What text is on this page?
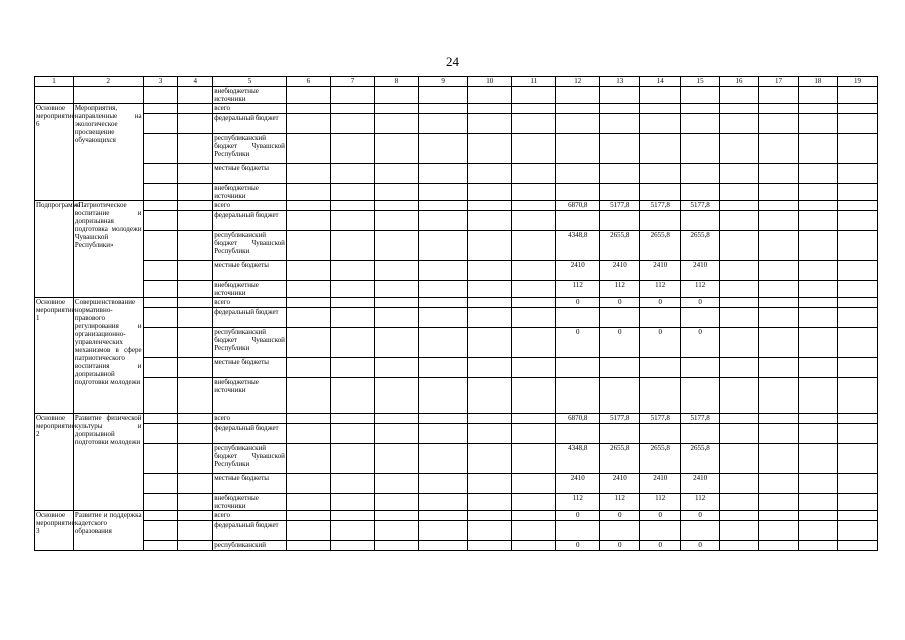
24
1	2	3	4	5	6	7	8	9	10	11	12	13	14	15	16	17	18	19
				внебюджетные источники														
Основное мероприятие 6	Мероприятия, направленные на экологическое просвещение обучающихся			всего														
				федеральный бюджет														
				республиканский бюджет Чувашской Республики														
				местные бюджеты														
				внебюджетные источники														
Подпрограмма	«Патриотическое воспитание и допризывная подготовка молодежи Чувашской Республики»			всего							6870,8	5177,8	5177,8	5177,8				
				федеральный бюджет														
				республиканский бюджет Чувашской Республики							4348,8	2655,8	2655,8	2655,8				
				местные бюджеты							2410	2410	2410	2410				
				внебюджетные источники							112	112	112	112				
Основное мероприятие 1	Совершенствование нормативно-правового регулирования и организационно-управленческих механизмов в сфере патриотического воспитания и допризывной подготовки молодежи			всего							0	0	0	0				
				федеральный бюджет														
				республиканский бюджет Чувашской Республики							0	0	0	0				
				местные бюджеты														
				внебюджетные источники														
Основное мероприятие 2	Развитие физической культуры и допризывной подготовки молодежи			всего							6870,8	5177,8	5177,8	5177,8				
				федеральный бюджет														
				республиканский бюджет Чувашской Республики							4348,8	2655,8	2655,8	2655,8				
				местные бюджеты							2410	2410	2410	2410				
				внебюджетные источники							112	112	112	112				
Основное мероприятие 3	Развитие и поддержка кадетского образования			всего							0	0	0	0				
				федеральный бюджет														
				республиканский							0	0	0	0				
